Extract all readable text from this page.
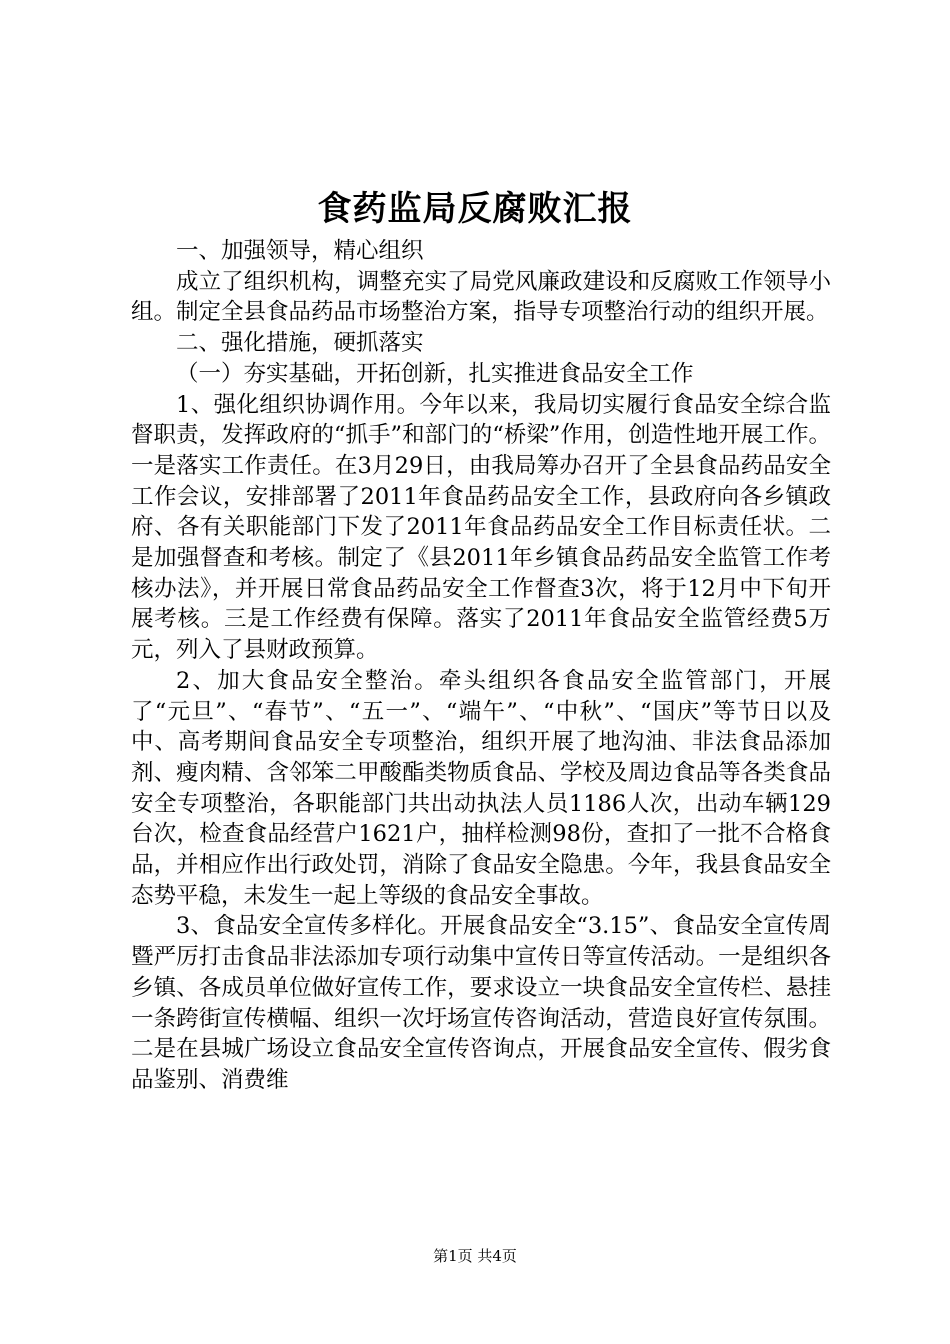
食药监局反腐败汇报

一、加强领导，精心组织

成立了组织机构，调整充实了局党风廉政建设和反腐败工作领导小组。制定全县食品药品市场整治方案，指导专项整治行动的组织开展。

二、强化措施，硬抓落实

（一）夯实基础，开拓创新，扎实推进食品安全工作

1、强化组织协调作用。今年以来，我局切实履行食品安全综合监督职责，发挥政府的“抓手”和部门的“桥梁”作用，创造性地开展工作。一是落实工作责任。在3月29日，由我局筹办召开了全县食品药品安全工作会议，安排部署了2011年食品药品安全工作，县政府向各乡镇政府、各有关职能部门下发了2011年食品药品安全工作目标责任状。二是加强督查和考核。制定了《县2011年乡镇食品药品安全监管工作考核办法》，并开展日常食品药品安全工作督查3次，将于12月中下旬开展考核。三是工作经费有保障。落实了2011年食品安全监管经费5万元，列入了县财政预算。

2、加大食品安全整治。牵头组织各食品安全监管部门，开展了“元旦”、“春节”、“五一”、“端午”、“中秋”、“国庆”等节日以及中、高考期间食品安全专项整治，组织开展了地沟油、非法食品添加剂、瘦肉精、含邻笨二甲酸酯类物质食品、学校及周边食品等各类食品安全专项整治，各职能部门共出动执法人员1186人次，出动车辆129台次，检查食品经营户1621户，抽样检测98份，查扣了一批不合格食品，并相应作出行政处罚，消除了食品安全隐患。今年，我县食品安全态势平稳，未发生一起上等级的食品安全事故。

3、食品安全宣传多样化。开展食品安全“3.15”、食品安全宣传周暨严厉打击食品非法添加专项行动集中宣传日等宣传活动。一是组织各乡镇、各成员单位做好宣传工作，要求设立一块食品安全宣传栏、悬挂一条跨街宣传横幅、组织一次圩场宣传咨询活动，营造良好宣传氛围。二是在县城广场设立食品安全宣传咨询点，开展食品安全宣传、假劣食品鉴别、消费维

第1页 共4页
